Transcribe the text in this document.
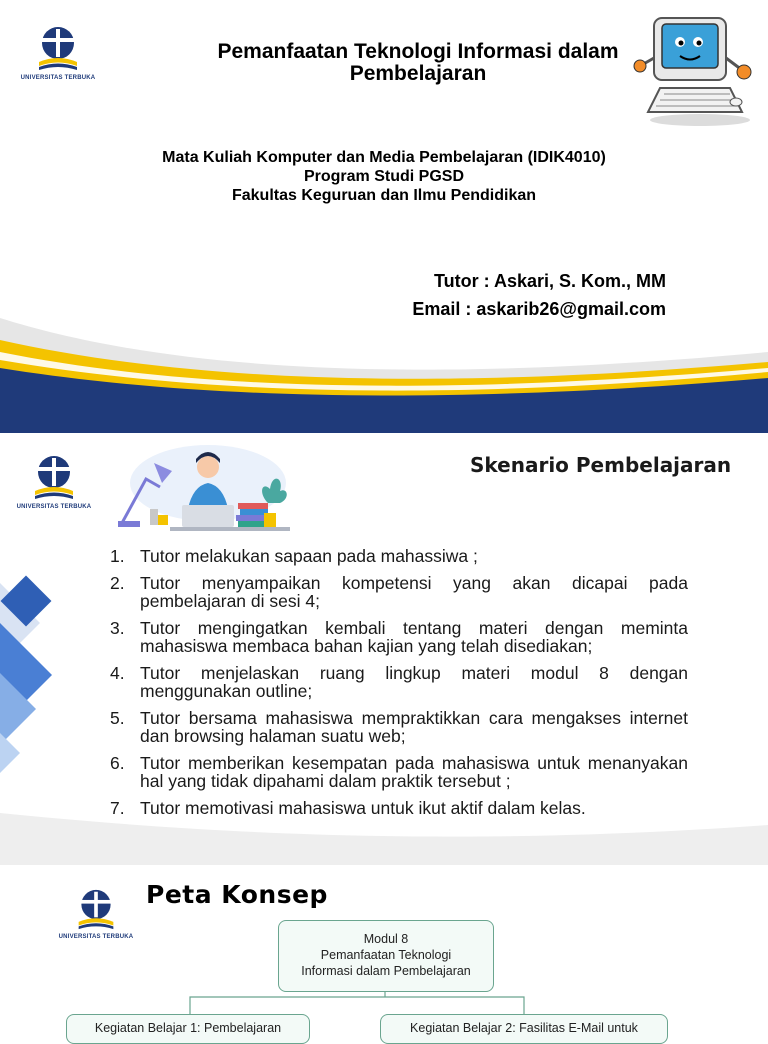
UNIVERSITAS TERBUKA
Pemanfaatan Teknologi Informasi dalam Pembelajaran
Mata Kuliah Komputer dan Media Pembelajaran (IDIK4010)
Program Studi PGSD
Fakultas Keguruan dan Ilmu Pendidikan
Tutor : Askari, S. Kom., MM
Email : askarib26@gmail.com
UNIVERSITAS TERBUKA
Skenario Pembelajaran
1. Tutor melakukan sapaan pada mahassiwa ;
2. Tutor menyampaikan kompetensi yang akan dicapai pada pembelajaran di sesi 4;
3. Tutor mengingatkan kembali tentang materi dengan meminta mahasiswa membaca bahan kajian yang telah disediakan;
4. Tutor menjelaskan ruang lingkup materi modul 8 dengan menggunakan outline;
5. Tutor bersama mahasiswa mempraktikkan cara mengakses internet dan browsing halaman suatu web;
6. Tutor memberikan kesempatan pada mahasiswa untuk menanyakan hal yang tidak dipahami dalam praktik tersebut ;
7. Tutor memotivasi mahasiswa untuk ikut aktif dalam kelas.
UNIVERSITAS TERBUKA
Peta Konsep
Modul 8
Pemanfaatan Teknologi
Informasi dalam Pembelajaran
Kegiatan Belajar 1: Pembelajaran	Kegiatan Belajar 2: Fasilitas E-Mail untuk
